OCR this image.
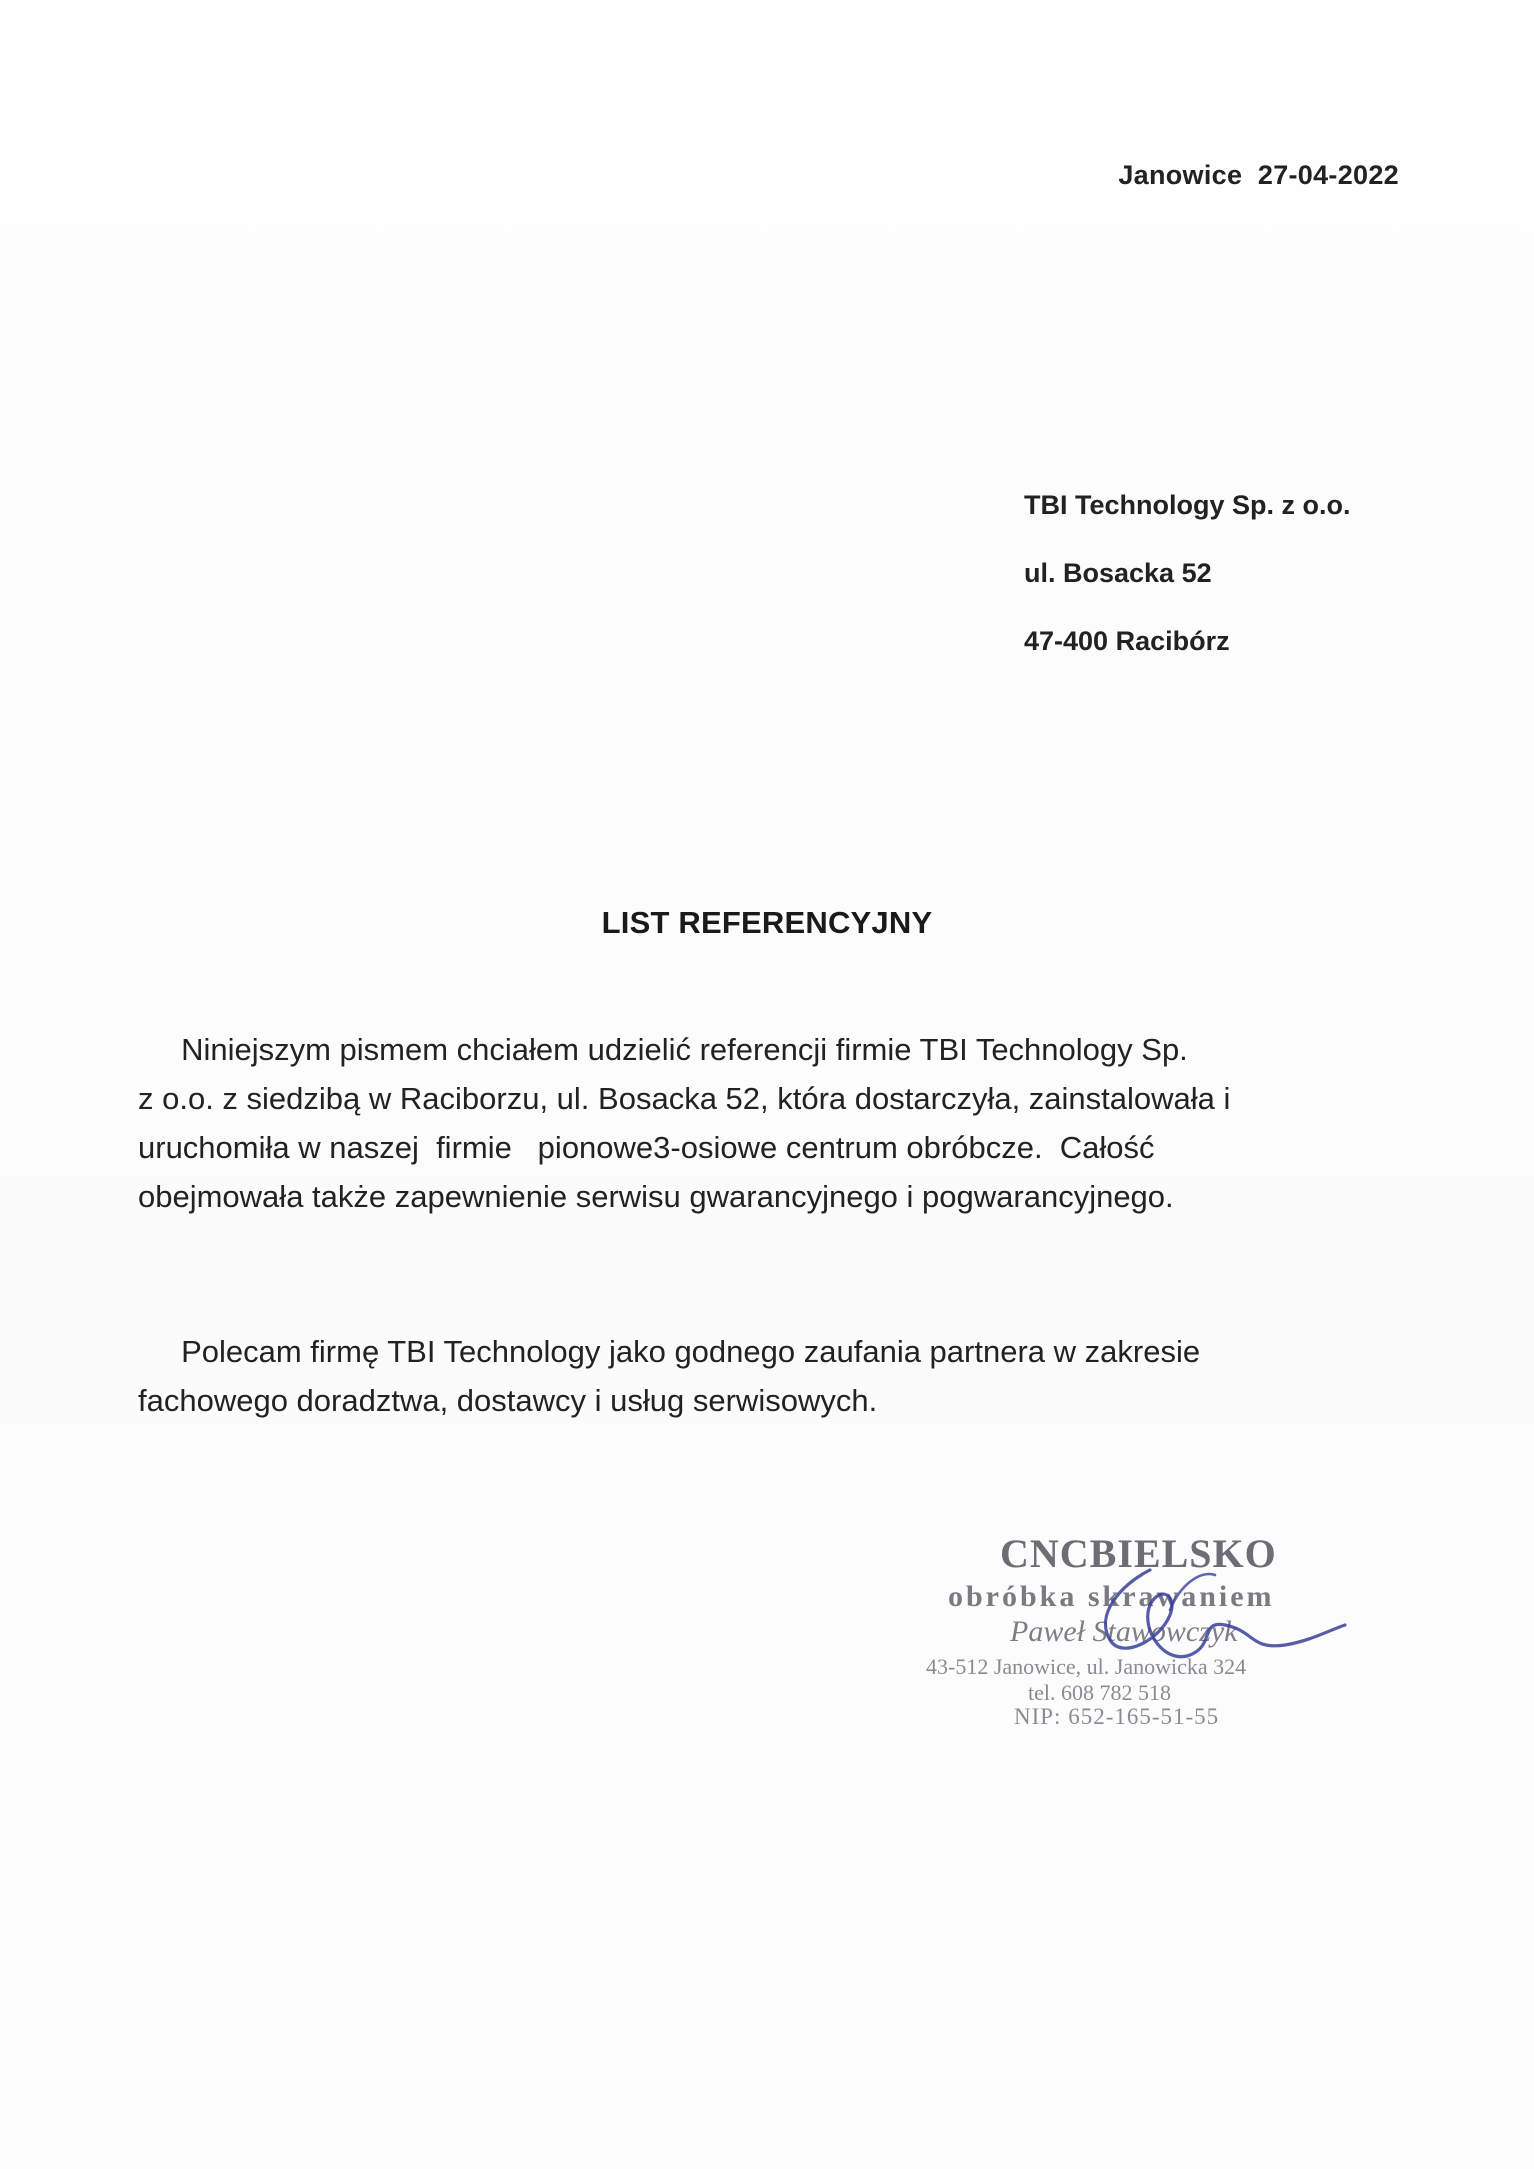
Janowice 27-04-2022
TBI Technology Sp. z o.o.
ul. Bosacka 52
47-400 Racibórz
LIST REFERENCYJNY
Niniejszym pismem chciałem udzielić referencji firmie TBI Technology Sp.
z o.o. z siedzibą w Raciborzu, ul. Bosacka 52, która dostarczyła, zainstalowała i
uruchomiła w naszej  firmie   pionowe3-osiowe centrum obróbcze.  Całość
obejmowała także zapewnienie serwisu gwarancyjnego i pogwarancyjnego.
Polecam firmę TBI Technology jako godnego zaufania partnera w zakresie
fachowego doradztwa, dostawcy i usług serwisowych.
CNCBIELSKO
obróbka skrawaniem
Paweł Stawowczyk
43-512 Janowice, ul. Janowicka 324
tel. 608 782 518
NIP: 652-165-51-55
